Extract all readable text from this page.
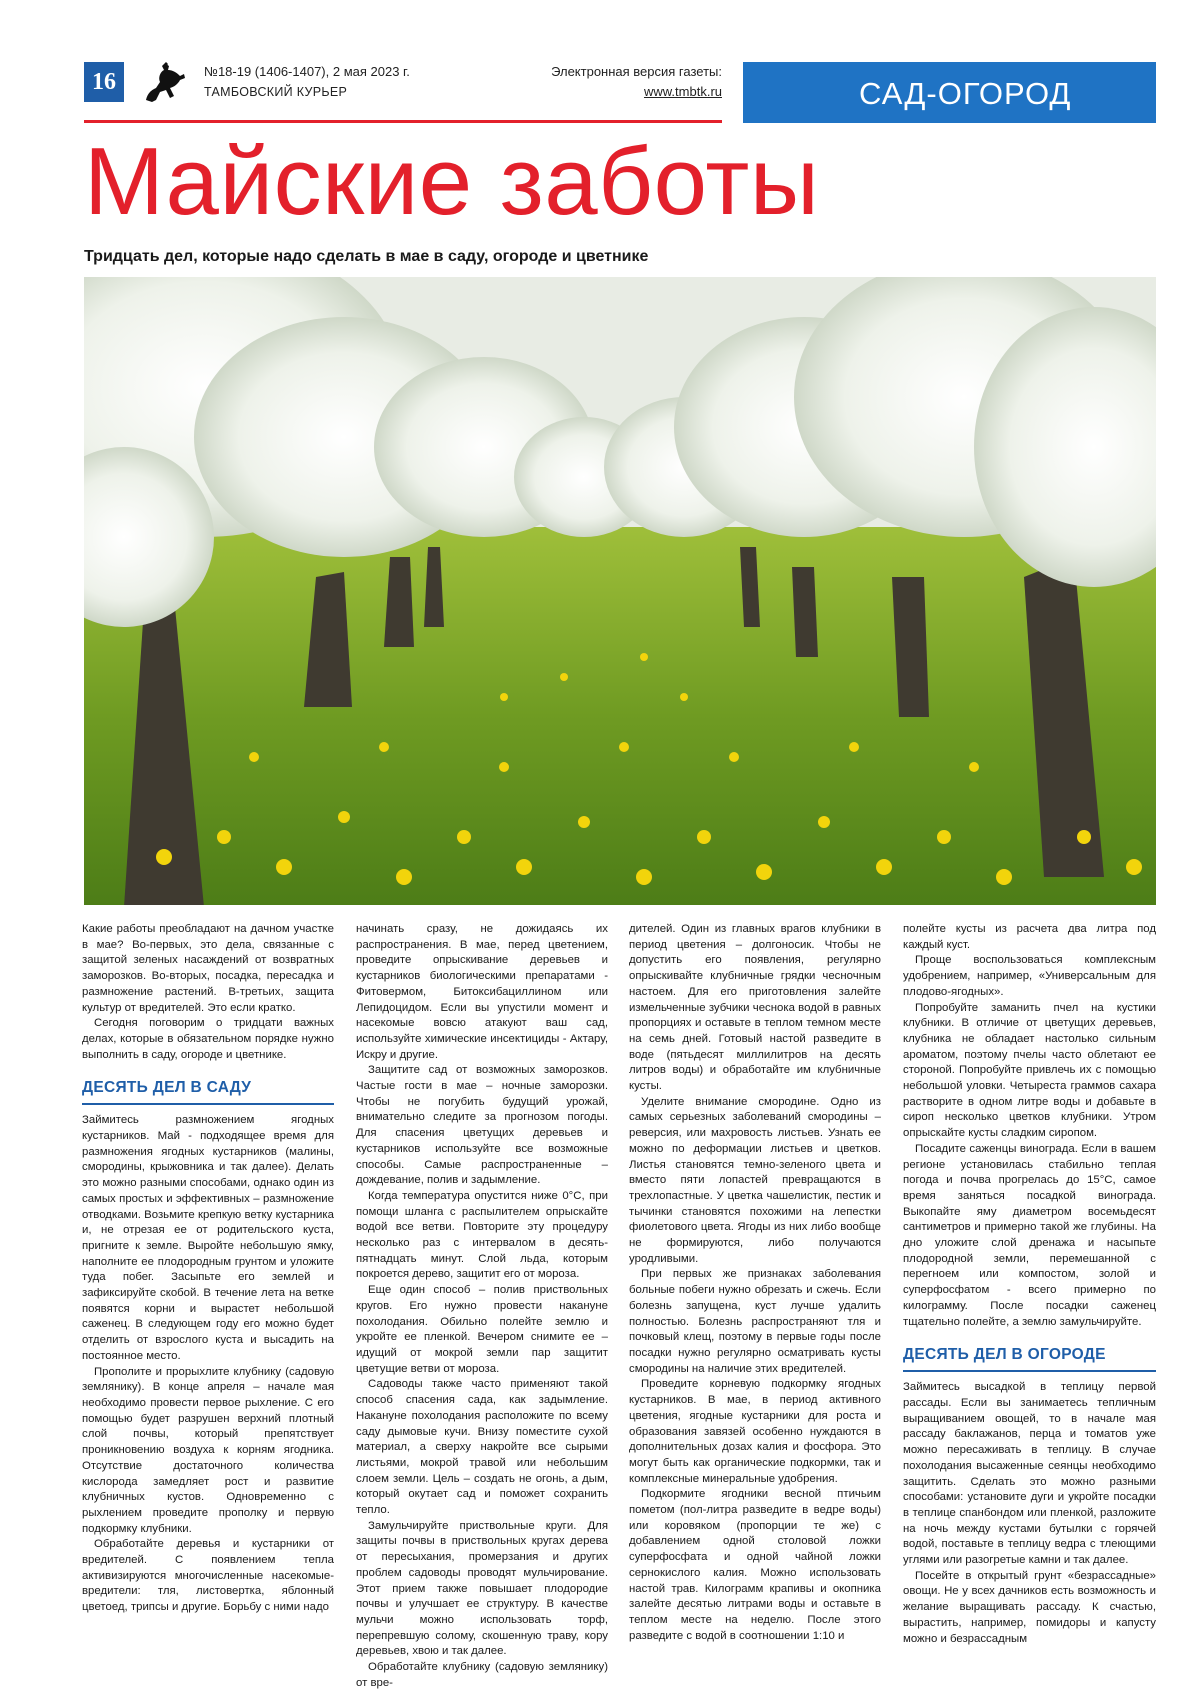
16	№18-19 (1406-1407), 2 мая 2023 г.
ТАМБОВСКИЙ КУРЬЕР
Электронная версия газеты:
www.tmbtk.ru	САД-ОГОРОД
Майские заботы
Тридцать дел, которые надо сделать в мае в саду, огороде и цветнике

Какие работы преобладают на дачном участке в мае? Во-первых, это дела, связанные с защитой зеленых насаждений от возвратных заморозков. Во-вторых, посадка, пересадка и размножение растений. В-третьих, защита культур от вредителей. Это если кратко.

Сегодня поговорим о тридцати важных делах, которые в обязательном порядке нужно выполнить в саду, огороде и цветнике.

ДЕСЯТЬ ДЕЛ В САДУ

Займитесь размножением ягодных кустарников. Май - подходящее время для размножения ягодных кустарников (малины, смородины, крыжовника и так далее). Делать это можно разными способами, однако один из самых простых и эффективных – размножение отводками. Возьмите крепкую ветку кустарника и, не отрезая ее от родительского куста, пригните к земле. Выройте небольшую ямку, наполните ее плодородным грунтом и уложите туда побег. Засыпьте его землей и зафиксируйте скобой. В течение лета на ветке появятся корни и вырастет небольшой саженец. В следующем году его можно будет отделить от взрослого куста и высадить на постоянное место.

Прополите и прорыхлите клубнику (садовую землянику). В конце апреля – начале мая необходимо провести первое рыхление. С его помощью будет разрушен верхний плотный слой почвы, который препятствует проникновению воздуха к корням ягодника. Отсутствие достаточного количества кислорода замедляет рост и развитие клубничных кустов. Одновременно с рыхлением проведите прополку и первую подкормку клубники.

Обработайте деревья и кустарники от вредителей. С появлением тепла активизируются многочисленные насекомые-вредители: тля, листовертка, яблонный цветоед, трипсы и другие. Борьбу с ними надо

начинать сразу, не дожидаясь их распространения. В мае, перед цветением, проведите опрыскивание деревьев и кустарников биологическими препаратами - Фитовермом, Битоксибациллином или Лепидоцидом. Если вы упустили момент и насекомые вовсю атакуют ваш сад, используйте химические инсектициды - Актару, Искру и другие.

Защитите сад от возможных заморозков. Частые гости в мае – ночные заморозки. Чтобы не погубить будущий урожай, внимательно следите за прогнозом погоды. Для спасения цветущих деревьев и кустарников используйте все возможные способы. Самые распространенные – дождевание, полив и задымление.

Когда температура опустится ниже 0°C, при помощи шланга с распылителем опрыскайте водой все ветви. Повторите эту процедуру несколько раз с интервалом в десять-пятнадцать минут. Слой льда, которым покроется дерево, защитит его от мороза.

Еще один способ – полив приствольных кругов. Его нужно провести накануне похолодания. Обильно полейте землю и укройте ее пленкой. Вечером снимите ее – идущий от мокрой земли пар защитит цветущие ветви от мороза.

Садоводы также часто применяют такой способ спасения сада, как задымление. Накануне похолодания расположите по всему саду дымовые кучи. Внизу поместите сухой материал, а сверху накройте все сырыми листьями, мокрой травой или небольшим слоем земли. Цель – создать не огонь, а дым, который окутает сад и поможет сохранить тепло.

Замульчируйте приствольные круги. Для защиты почвы в приствольных кругах дерева от пересыхания, промерзания и других проблем садоводы проводят мульчирование. Этот прием также повышает плодородие почвы и улучшает ее структуру. В качестве мульчи можно использовать торф, перепревшую солому, скошенную траву, кору деревьев, хвою и так далее.

Обработайте клубнику (садовую землянику) от вре-

дителей. Один из главных врагов клубники в период цветения – долгоносик. Чтобы не допустить его появления, регулярно опрыскивайте клубничные грядки чесночным настоем. Для его приготовления залейте измельченные зубчики чеснока водой в равных пропорциях и оставьте в теплом темном месте на семь дней. Готовый настой разведите в воде (пятьдесят миллилитров на десять литров воды) и обработайте им клубничные кусты.

Уделите внимание смородине. Одно из самых серьезных заболеваний смородины – реверсия, или махровость листьев. Узнать ее можно по деформации листьев и цветков. Листья становятся темно-зеленого цвета и вместо пяти лопастей превращаются в трехлопастные. У цветка чашелистик, пестик и тычинки становятся похожими на лепестки фиолетового цвета. Ягоды из них либо вообще не формируются, либо получаются уродливыми.

При первых же признаках заболевания больные побеги нужно обрезать и сжечь. Если болезнь запущена, куст лучше удалить полностью. Болезнь распространяют тля и почковый клещ, поэтому в первые годы после посадки нужно регулярно осматривать кусты смородины на наличие этих вредителей.

Проведите корневую подкормку ягодных кустарников. В мае, в период активного цветения, ягодные кустарники для роста и образования завязей особенно нуждаются в дополнительных дозах калия и фосфора. Это могут быть как органические подкормки, так и комплексные минеральные удобрения.

Подкормите ягодники весной птичьим пометом (пол-литра разведите в ведре воды) или коровяком (пропорции те же) с добавлением одной столовой ложки суперфосфата и одной чайной ложки сернокислого калия. Можно использовать настой трав. Килограмм крапивы и окопника залейте десятью литрами воды и оставьте в теплом месте на неделю. После этого разведите с водой в соотношении 1:10 и

полейте кусты из расчета два литра под каждый куст.

Проще воспользоваться комплексным удобрением, например, «Универсальным для плодово-ягодных».

Попробуйте заманить пчел на кустики клубники. В отличие от цветущих деревьев, клубника не обладает настолько сильным ароматом, поэтому пчелы часто облетают ее стороной. Попробуйте привлечь их с помощью небольшой уловки. Четыреста граммов сахара растворите в одном литре воды и добавьте в сироп несколько цветков клубники. Утром опрыскайте кусты сладким сиропом.

Посадите саженцы винограда. Если в вашем регионе установилась стабильно теплая погода и почва прогрелась до 15°C, самое время заняться посадкой винограда. Выкопайте яму диаметром восемьдесят сантиметров и примерно такой же глубины. На дно уложите слой дренажа и насыпьте плодородной земли, перемешанной с перегноем или компостом, золой и суперфосфатом - всего примерно по килограмму. После посадки саженец тщательно полейте, а землю замульчируйте.

ДЕСЯТЬ ДЕЛ В ОГОРОДЕ

Займитесь высадкой в теплицу первой рассады. Если вы занимаетесь тепличным выращиванием овощей, то в начале мая рассаду баклажанов, перца и томатов уже можно пересаживать в теплицу. В случае похолодания высаженные сеянцы необходимо защитить. Сделать это можно разными способами: установите дуги и укройте посадки в теплице спанбондом или пленкой, разложите на ночь между кустами бутылки с горячей водой, поставьте в теплицу ведра с тлеющими углями или разогретые камни и так далее.

Посейте в открытый грунт «безрассадные» овощи. Не у всех дачников есть возможность и желание выращивать рассаду. К счастью, вырастить, например, помидоры и капусту можно и безрассадным
